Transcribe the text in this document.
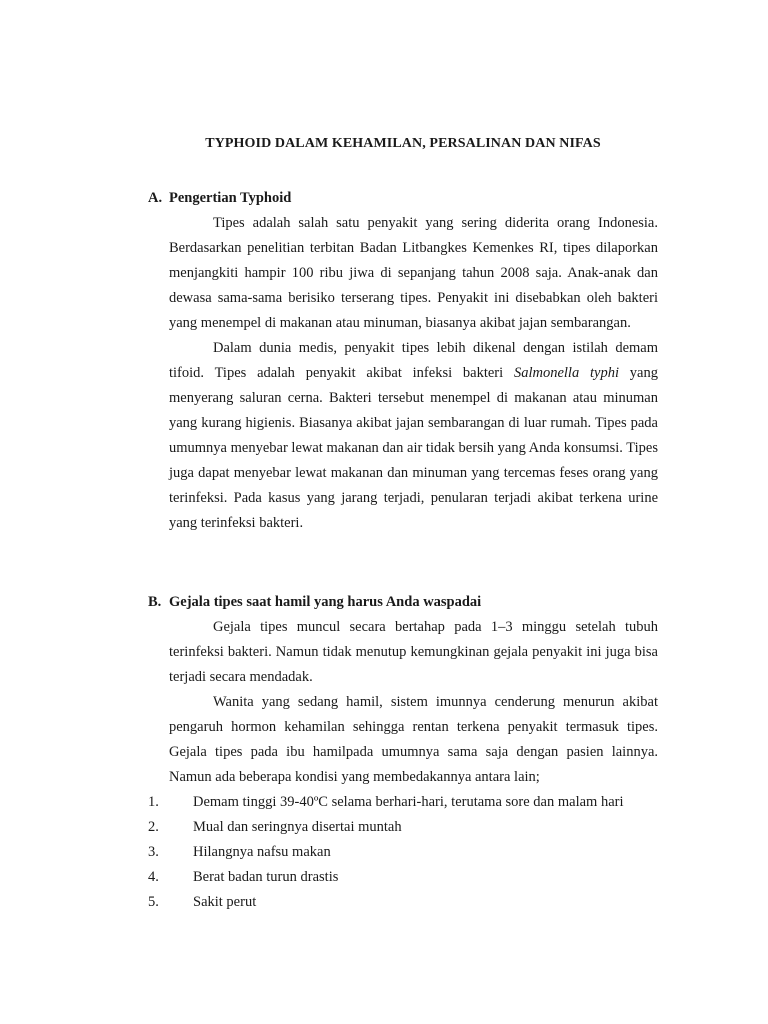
TYPHOID DALAM KEHAMILAN, PERSALINAN DAN NIFAS
A. Pengertian Typhoid

Tipes adalah salah satu penyakit yang sering diderita orang Indonesia. Berdasarkan penelitian terbitan Badan Litbangkes Kemenkes RI, tipes dilaporkan menjangkiti hampir 100 ribu jiwa di sepanjang tahun 2008 saja. Anak-anak dan dewasa sama-sama berisiko terserang tipes. Penyakit ini disebabkan oleh bakteri yang menempel di makanan atau minuman, biasanya akibat jajan sembarangan.

Dalam dunia medis, penyakit tipes lebih dikenal dengan istilah demam tifoid. Tipes adalah penyakit akibat infeksi bakteri Salmonella typhi yang menyerang saluran cerna. Bakteri tersebut menempel di makanan atau minuman yang kurang higienis. Biasanya akibat jajan sembarangan di luar rumah. Tipes pada umumnya menyebar lewat makanan dan air tidak bersih yang Anda konsumsi. Tipes juga dapat menyebar lewat makanan dan minuman yang tercemas feses orang yang terinfeksi. Pada kasus yang jarang terjadi, penularan terjadi akibat terkena urine yang terinfeksi bakteri.

B. Gejala tipes saat hamil yang harus Anda waspadai

Gejala tipes muncul secara bertahap pada 1–3 minggu setelah tubuh terinfeksi bakteri. Namun tidak menutup kemungkinan gejala penyakit ini juga bisa terjadi secara mendadak.

Wanita yang sedang hamil, sistem imunnya cenderung menurun akibat pengaruh hormon kehamilan sehingga rentan terkena penyakit termasuk tipes. Gejala tipes pada ibu hamilpada umumnya sama saja dengan pasien lainnya. Namun ada beberapa kondisi yang membedakannya antara lain;

1.	Demam tinggi 39-40ºC selama berhari-hari, terutama sore dan malam hari
2.	Mual dan seringnya disertai muntah
3.	Hilangnya nafsu makan
4.	Berat badan turun drastis
5.	Sakit perut
